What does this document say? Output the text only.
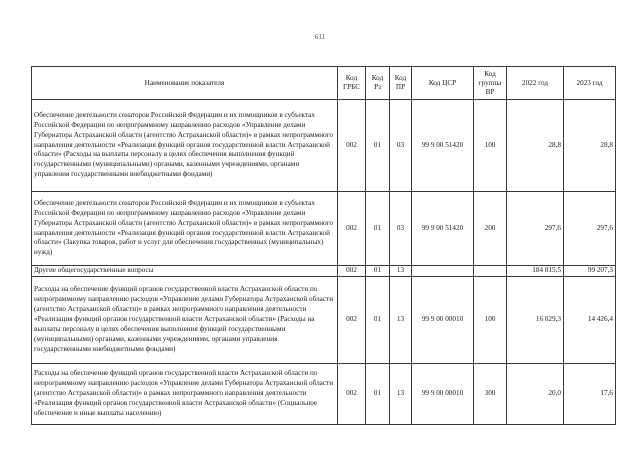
611
Наименование показателя	Код ГРБС	Код Рз	Код ПР	Код ЦСР	Код группы ВР	2022 год	2023 год
Обеспечение деятельности сенаторов Российской Федерации и их помощников в субъектах Российской Федерации по непрограммному направлению расходов «Управление делами Губернатора Астраханской области (агентство Астраханской области)» в рамках непрограммного направления деятельности «Реализация функций органов государственной власти Астраханской области» (Расходы на выплаты персоналу в целях обеспечения выполнения функций государственными (муниципальными) органами, казенными учреждениями, органами управления государственными внебюджетными фондами)	002	01	03	99 9 00 51420	100	28,8	28,8
Обеспечение деятельности сенаторов Российской Федерации и их помощников в субъектах Российской Федерации по непрограммному направлению расходов «Управление делами Губернатора Астраханской области (агентство Астраханской области)» в рамках непрограммного направления деятельности «Реализация функций органов государственной власти Астраханской области» (Закупка товаров, работ и услуг для обеспечения государственных (муниципальных) нужд)	002	01	03	99 9 00 51420	200	297,6	297,6
Другие общегосударственные вопросы	002	01	13			184 815,5	99 207,3
Расходы на обеспечение функций органов государственной власти Астраханской области по непрограммному направлению расходов «Управление делами Губернатора Астраханской области (агентство Астраханской области)» в рамках непрограммного направления деятельности «Реализация функций органов государственной власти Астраханской области» (Расходы на выплаты персоналу в целях обеспечения выполнения функций государственными (муниципальными) органами, казенными учреждениями, органами управления государственными внебюджетными фондами)	002	01	13	99 9 00 00010	100	16 029,3	14 426,4
Расходы на обеспечение функций органов государственной власти Астраханской области по непрограммному направлению расходов «Управление делами Губернатора Астраханской области (агентство Астраханской области)» в рамках непрограммного направления деятельности «Реализация функций органов государственной власти Астраханской области» (Социальное обеспечение и иные выплаты населению)	002	01	13	99 9 00 00010	300	20,0	17,6
